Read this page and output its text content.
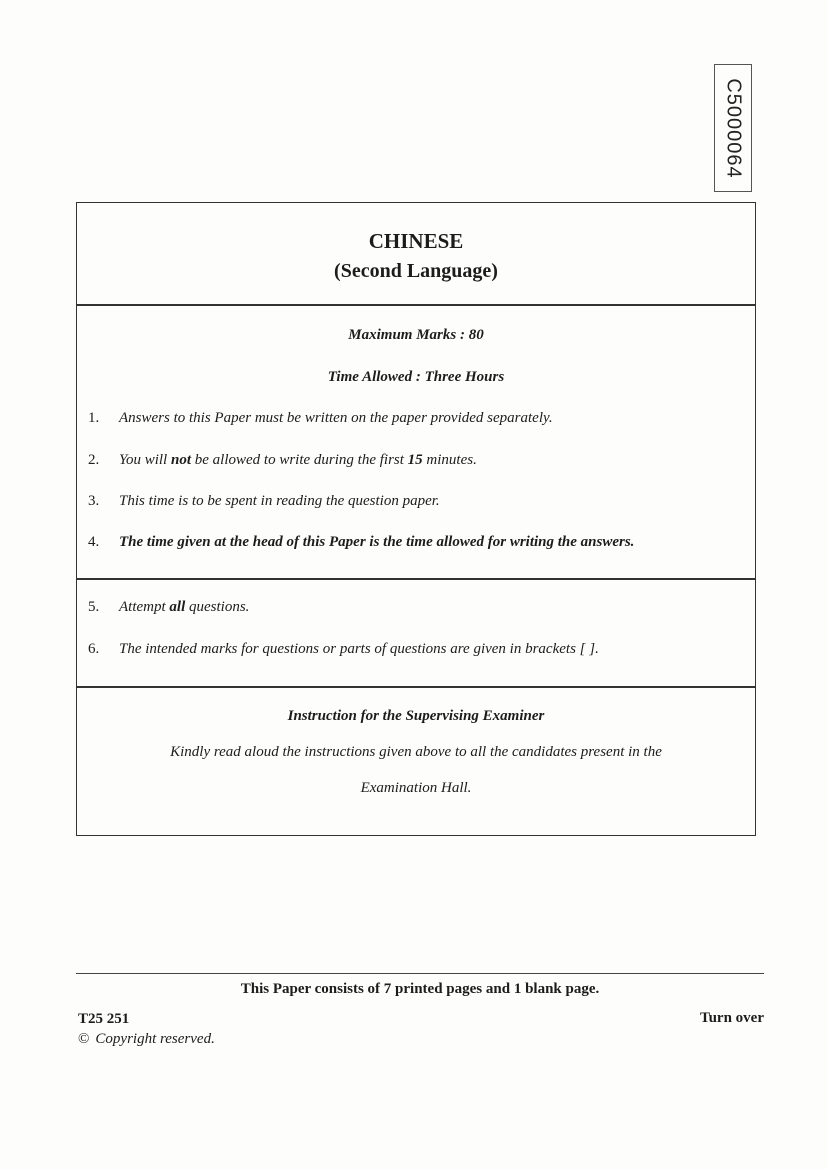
C5000064
CHINESE
(Second Language)
Maximum Marks : 80
Time Allowed : Three Hours
1. Answers to this Paper must be written on the paper provided separately.
2. You will not be allowed to write during the first 15 minutes.
3. This time is to be spent in reading the question paper.
4. The time given at the head of this Paper is the time allowed for writing the answers.
5. Attempt all questions.
6. The intended marks for questions or parts of questions are given in brackets [ ].
Instruction for the Supervising Examiner
Kindly read aloud the instructions given above to all the candidates present in the
Examination Hall.
This Paper consists of 7 printed pages and 1 blank page.
T25 251	Turn over
© Copyright reserved.
